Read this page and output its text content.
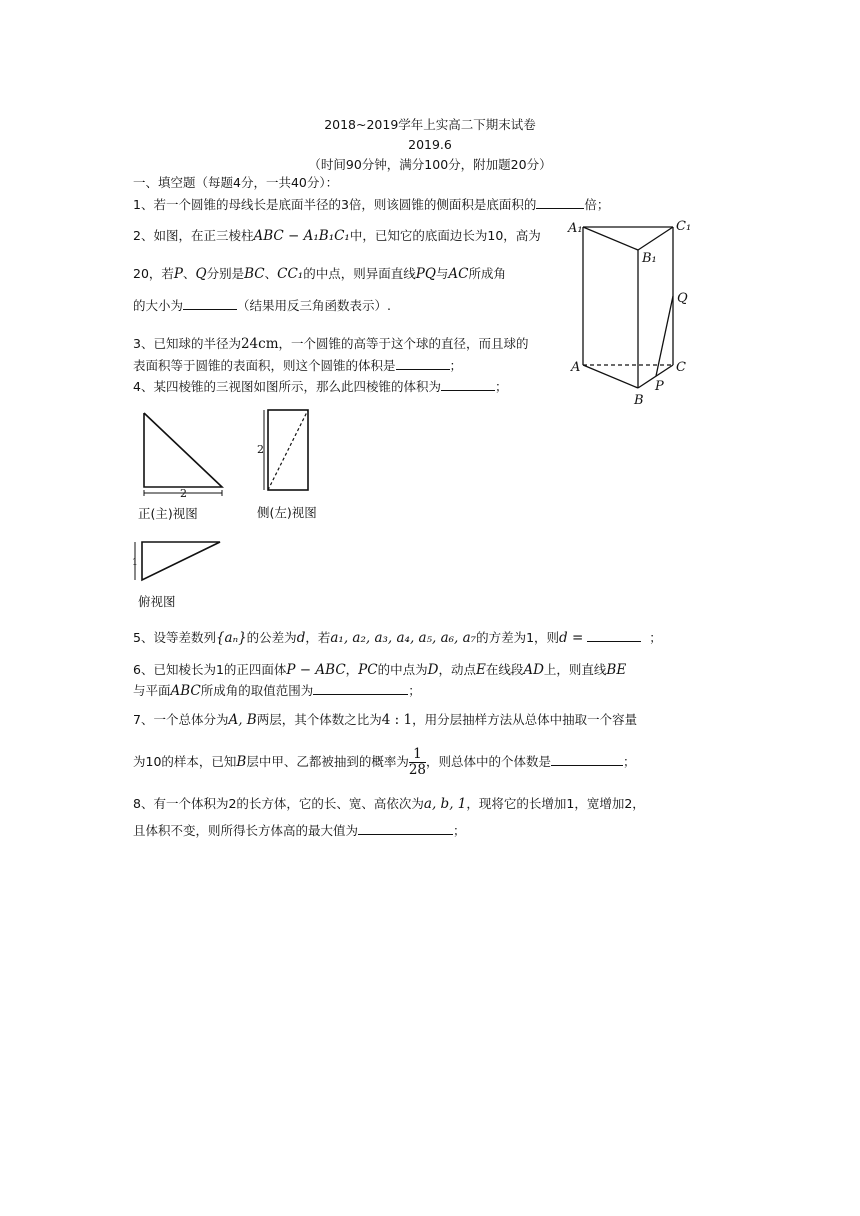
2018~2019学年上实高二下期末试卷
2019.6
（时间90分钟，满分100分，附加题20分）
一、填空题（每题4分，一共40分）：
1、若一个圆锥的母线长是底面半径的3倍，则该圆锥的侧面积是底面积的	倍；
2、如图，在正三棱柱ABC − A₁B₁C₁中，已知它的底面边长为10，高为
20，若P、Q分别是BC、CC₁的中点，则异面直线PQ与AC所成角
的大小为	（结果用反三角函数表示）.
3、已知球的半径为24cm，一个圆锥的高等于这个球的直径，而且球的
表面积等于圆锥的表面积，则这个圆锥的体积是	；
4、某四棱锥的三视图如图所示，那么此四棱锥的体积为	；
A₁	C₁
B₁
Q
A	C
P
B
2
正(主)视图
2
侧(左)视图
1
俯视图
5、设等差数列{aₙ}的公差为d，若a₁, a₂, a₃, a₄, a₅, a₆, a₇的方差为1，则d =	；
6、已知棱长为1的正四面体P − ABC，PC的中点为D，动点E在线段AD上，则直线BE
与平面ABC所成角的取值范围为	；
7、一个总体分为A, B两层，其个体数之比为4 : 1，用分层抽样方法从总体中抽取一个容量
为10的样本，已知B层中甲、乙都被抽到的概率为 $\frac{1}{28}$ ，则总体中的个体数是	；
8、有一个体积为2的长方体，它的长、宽、高依次为a, b, 1，现将它的长增加1，宽增加2，
且体积不变，则所得长方体高的最大值为	；
